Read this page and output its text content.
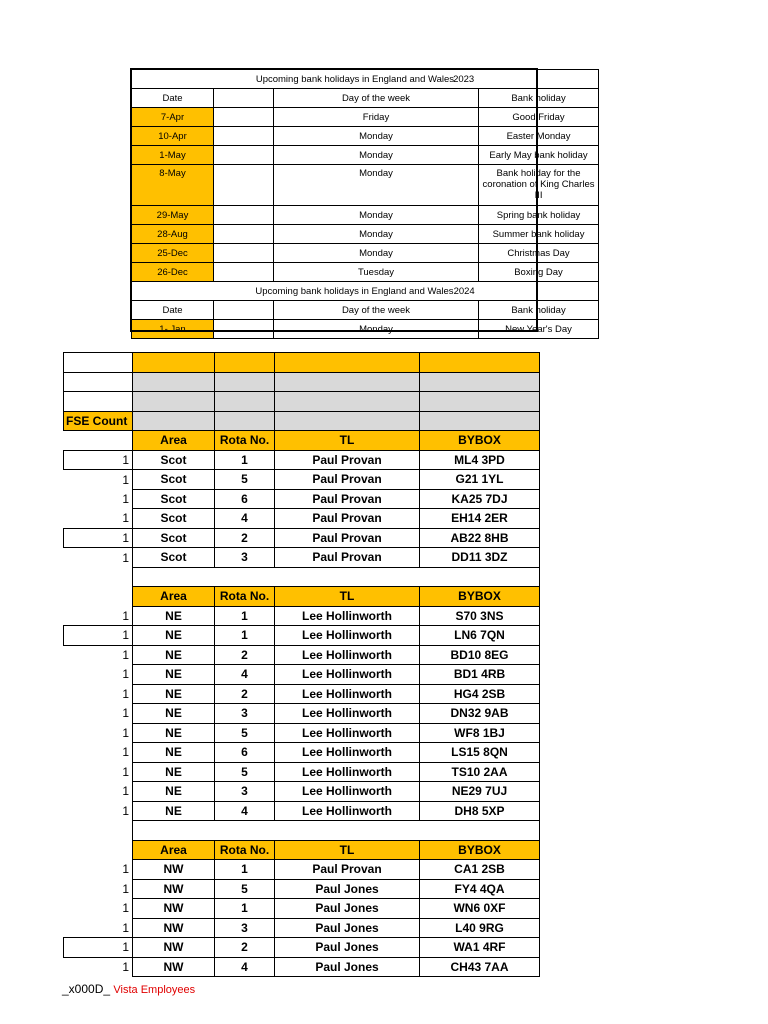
Upcoming bank holidays in England and Wales2023			
Date		Day of the week	Bank holiday
7-Apr		Friday	Good Friday
10-Apr		Monday	Easter Monday
1-May		Monday	Early May bank holiday
8-May		Monday	Bank holiday for the coronation of King Charles III
29-May		Monday	Spring bank holiday
28-Aug		Monday	Summer bank holiday
25-Dec		Monday	Christmas Day
26-Dec		Tuesday	Boxing Day
Upcoming bank holidays in England and Wales2024			
Date		Day of the week	Bank holiday
1- Jan		Monday	New Year's Day

FSE Count				
	Area	Rota No.	TL	BYBOX
1	Scot	1	Paul Provan	ML4 3PD
1	Scot	5	Paul Provan	G21 1YL
1	Scot	6	Paul Provan	KA25 7DJ
1	Scot	4	Paul Provan	EH14 2ER
1	Scot	2	Paul Provan	AB22 8HB
1	Scot	3	Paul Provan	DD11 3DZ

	Area	Rota No.	TL	BYBOX
1	NE	1	Lee Hollinworth	S70 3NS
1	NE	1	Lee Hollinworth	LN6 7QN
1	NE	2	Lee Hollinworth	BD10 8EG
1	NE	4	Lee Hollinworth	BD1 4RB
1	NE	2	Lee Hollinworth	HG4 2SB
1	NE	3	Lee Hollinworth	DN32 9AB
1	NE	5	Lee Hollinworth	WF8 1BJ
1	NE	6	Lee Hollinworth	LS15 8QN
1	NE	5	Lee Hollinworth	TS10 2AA
1	NE	3	Lee Hollinworth	NE29 7UJ
1	NE	4	Lee Hollinworth	DH8 5XP

	Area	Rota No.	TL	BYBOX
1	NW	1	Paul Provan	CA1 2SB
1	NW	5	Paul Jones	FY4 4QA
1	NW	1	Paul Jones	WN6 0XF
1	NW	3	Paul Jones	L40 9RG
1	NW	2	Paul Jones	WA1 4RF
1	NW	4	Paul Jones	CH43 7AA
_x000D_ Vista Employees
